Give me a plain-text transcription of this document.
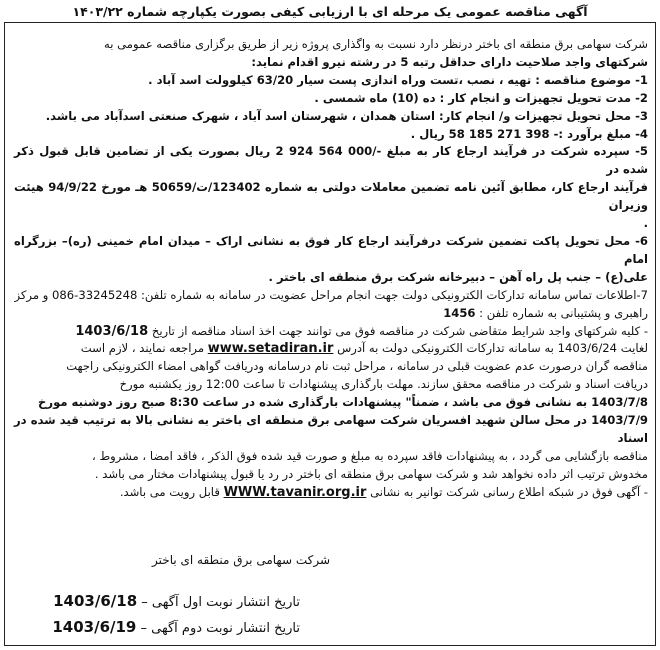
آگهی مناقصه عمومی یک مرحله ای با ارزیابی کیفی بصورت یکپارچه شماره ۱۴۰۳/۲۲

شرکت سهامی برق منطقه ای باختر درنظر دارد نسبت به واگذاری پروژه زیر از طریق برگزاری مناقصه عمومی به

شرکتهای واجد صلاحیت دارای حداقل رتبه 5 در رشته نیرو اقدام نماید:

1- موضوع مناقصه : تهیه ، نصب ،تست وراه اندازی پست سیار 63/20 کیلوولت اسد آباد .

2- مدت تحویل تجهیزات و انجام کار : ده (10) ماه شمسی .

3- محل تحویل تجهیزات و/ انجام کار: استان همدان ، شهرستان اسد آباد ، شهرک صنعتی اسدآباد می باشد.

4- مبلغ برآورد :- 398 271 185 58 ریال .

5- سپرده شرکت در فرآیند ارجاع کار به مبلغ -/000 564 924 2 ریال بصورت یکی از تضامین قابل قبول ذکر شده در

فرآیند ارجاع کار، مطابق آئین نامه تضمین معاملات دولتی به شماره 123402/ت/50659 هـ مورخ 94/9/22 هیئت وزیران

.

6- محل تحویل پاکت تضمین شرکت درفرآیند ارجاع کار فوق به نشانی اراک – میدان امام خمینی (ره)– بزرگراه امام

علی(ع) – جنب پل راه آهن – دبیرخانه شرکت برق منطقه ای باختر .

7-اطلاعات تماس سامانه تدارکات الکترونیکی دولت جهت انجام مراحل عضویت در سامانه به شماره تلفن: 33245248-086 و مرکز

راهبری و پشتیبانی به شماره تلفن : 1456

- کلیه شرکتهای واجد شرایط متقاضی شرکت در مناقصه فوق می توانند جهت اخذ اسناد مناقصه از تاریخ 1403/6/18

لغایت 1403/6/24 به سامانه تدارکات الکترونیکی دولت به آدرس www.setadiran.ir مراجعه نمایند ، لازم است

مناقصه گران درصورت عدم عضویت قبلی در سامانه ، مراحل ثبت نام درسامانه ودریافت گواهی امضاء الکترونیکی راجهت

دریافت اسناد و شرکت در مناقصه محقق سازند. مهلت بارگذاری پیشنهادات تا ساعت 12:00 روز یکشنبه مورخ

1403/7/8 به نشانی فوق می باشد ، ضمناً" پیشنهادات بارگذاری شده در ساعت 8:30 صبح روز دوشنبه مورخ

1403/7/9 در محل سالن شهید افسریان شرکت سهامی برق منطقه ای باختر به نشانی بالا به ترتیب قید شده در اسناد

مناقصه بازگشایی می گردد ، به پیشنهادات فاقد سپرده به مبلغ و صورت قید شده فوق الذکر ، فاقد امضا ، مشروط ،

مخدوش ترتیب اثر داده نخواهد شد و شرکت سهامی برق منطقه ای باختر در رد یا قبول پیشنهادات مختار می باشد .

- آگهی فوق در شبکه اطلاع رسانی شرکت توانیر به نشانی WWW.tavanir.org.ir قابل رویت می باشد.

شرکت سهامی برق منطقه ای باختر
تاریخ انتشار نوبت اول آگهی – 1403/6/18
تاریخ انتشار نوبت دوم آگهی – 1403/6/19
